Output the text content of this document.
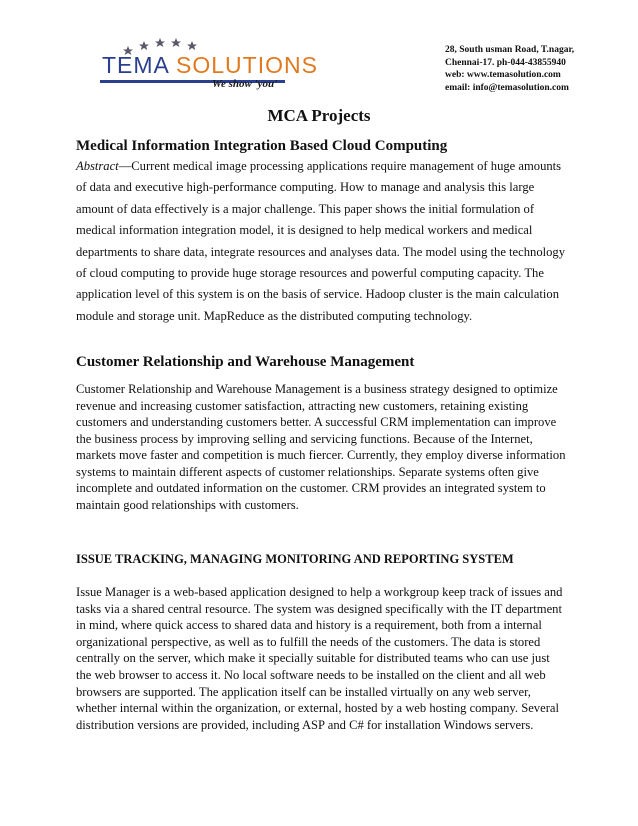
TEMA SOLUTIONS
We show 'you'
28, South usman Road, T.nagar,
Chennai-17. ph-044-43855940
web: www.temasolution.com
email: info@temasolution.com
MCA Projects
Medical Information Integration Based Cloud Computing
Abstract—Current medical image processing applications require management of huge amounts
of data and executive high-performance computing. How to manage and analysis this large
amount of data effectively is a major challenge. This paper shows the initial formulation of
medical information integration model, it is designed to help medical workers and medical
departments to share data, integrate resources and analyses data. The model using the technology
of cloud computing to provide huge storage resources and powerful computing capacity. The
application level of this system is on the basis of service. Hadoop cluster is the main calculation
module and storage unit. MapReduce as the distributed computing technology.
Customer Relationship and Warehouse Management
Customer Relationship and Warehouse Management is a business strategy designed to optimize
revenue and increasing customer satisfaction, attracting new customers, retaining existing
customers and understanding customers better. A successful CRM implementation can improve
the business process by improving selling and servicing functions. Because of the Internet,
markets move faster and competition is much fiercer. Currently, they employ diverse information
systems to maintain different aspects of customer relationships. Separate systems often give
incomplete and outdated information on the customer. CRM provides an integrated system to
maintain good relationships with customers.
ISSUE TRACKING, MANAGING MONITORING AND REPORTING SYSTEM
Issue Manager is a web-based application designed to help a workgroup keep track of issues and
tasks via a shared central resource. The system was designed specifically with the IT department
in mind, where quick access to shared data and history is a requirement, both from a internal
organizational perspective, as well as to fulfill the needs of the customers. The data is stored
centrally on the server, which make it specially suitable for distributed teams who can use just
the web browser to access it. No local software needs to be installed on the client and all web
browsers are supported. The application itself can be installed virtually on any web server,
whether internal within the organization, or external, hosted by a web hosting company. Several
distribution versions are provided, including ASP and C# for installation Windows servers.
